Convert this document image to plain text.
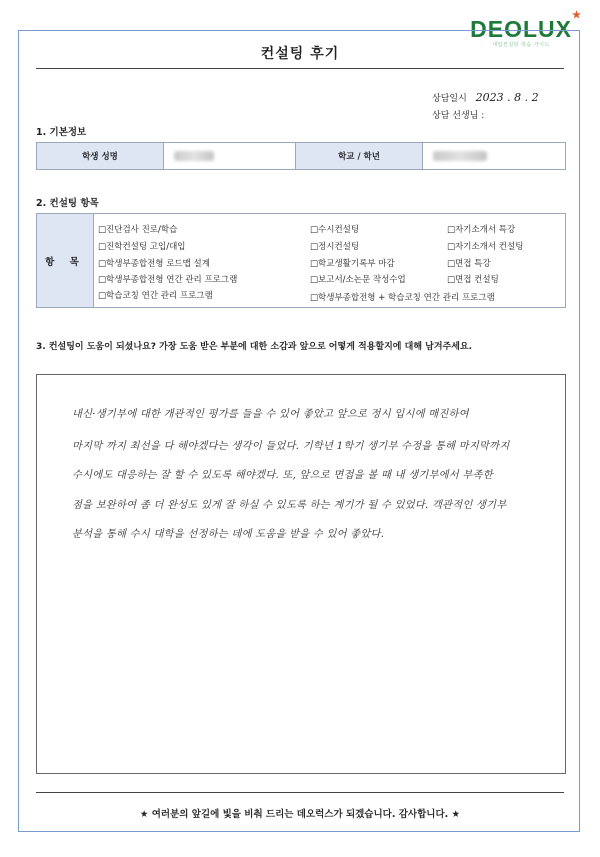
DEOLUX
★
대입컨설팅 학습 가이드
컨설팅 후기
상담일시 2023 . 8 . 2
상담 선생님 :
1. 기본정보
학생 성명	학교 / 학년
2. 컨설팅 항목
항 목
□진단검사 진로/학습
□진학컨설팅 고입/대입
□학생부종합전형 로드맵 설계
□학생부종합전형 연간 관리 프로그램
□학습코칭 연간 관리 프로그램
□수시컨설팅
□정시컨설팅
□학교생활기록부 마감
□보고서/소논문 작성수업
□학생부종합전형 + 학습코칭 연간 관리 프로그램
□자기소개서 특강
□자기소개서 컨설팅
□면접 특강
□면접 컨설팅
3. 컨설팅이 도움이 되셨나요? 가장 도움 받은 부분에 대한 소감과 앞으로 어떻게 적용할지에 대해 남겨주세요.
내신·생기부에 대한 개관적인 평가를 들을 수 있어 좋았고 앞으로 정시 입시에 매진하여
마지막 까지 최선을 다 해야겠다는 생각이 들었다. 기학년 1학기 생기부 수정을 통해 마지막까지
수시에도 대응하는 잘 할 수 있도록 해야겠다. 또, 앞으로 면접을 볼 때 내 생기부에서 부족한
점을 보완하여 좀 더 완성도 있게 잘 하실 수 있도록 하는 계기가 될 수 있었다. 객관적인 생기부
분석을 통해 수시 대학을 선정하는 데에 도움을 받을 수 있어 좋았다.
★ 여러분의 앞길에 빛을 비춰 드리는 데오럭스가 되겠습니다. 감사합니다. ★
